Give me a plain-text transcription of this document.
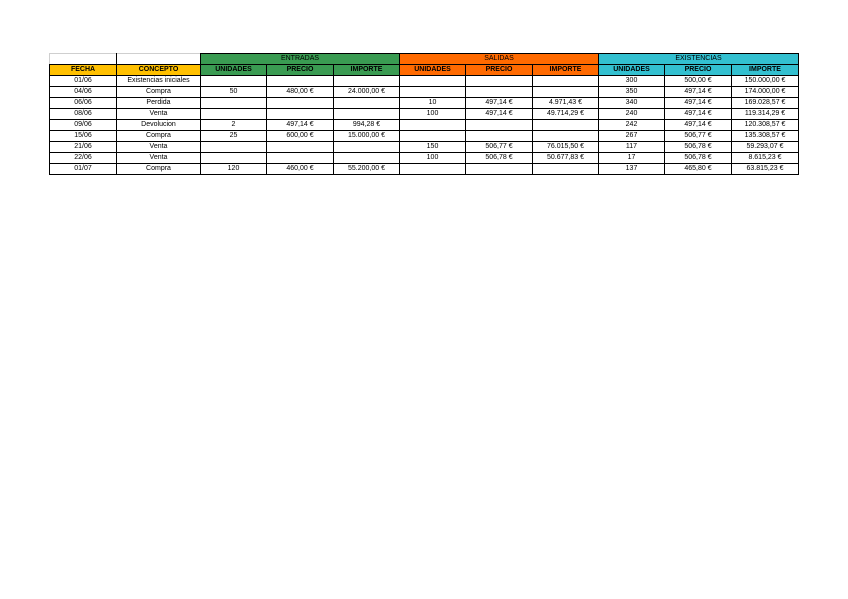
		ENTRADAS			SALIDAS			EXISTENCIAS		
FECHA	CONCEPTO	UNIDADES	PRECIO	IMPORTE	UNIDADES	PRECIO	IMPORTE	UNIDADES	PRECIO	IMPORTE
01/06	Existencias iniciales							300	500,00 €	150.000,00 €
04/06	Compra	50	480,00 €	24.000,00 €				350	497,14 €	174.000,00 €
06/06	Perdida				10	497,14 €	4.971,43 €	340	497,14 €	169.028,57 €
08/06	Venta				100	497,14 €	49.714,29 €	240	497,14 €	119.314,29 €
09/06	Devolucion	2	497,14 €	994,28 €				242	497,14 €	120.308,57 €
15/06	Compra	25	600,00 €	15.000,00 €				267	506,77 €	135.308,57 €
21/06	Venta				150	506,77 €	76.015,50 €	117	506,78 €	59.293,07 €
22/06	Venta				100	506,78 €	50.677,83 €	17	506,78 €	8.615,23 €
01/07	Compra	120	460,00 €	55.200,00 €				137	465,80 €	63.815,23 €
